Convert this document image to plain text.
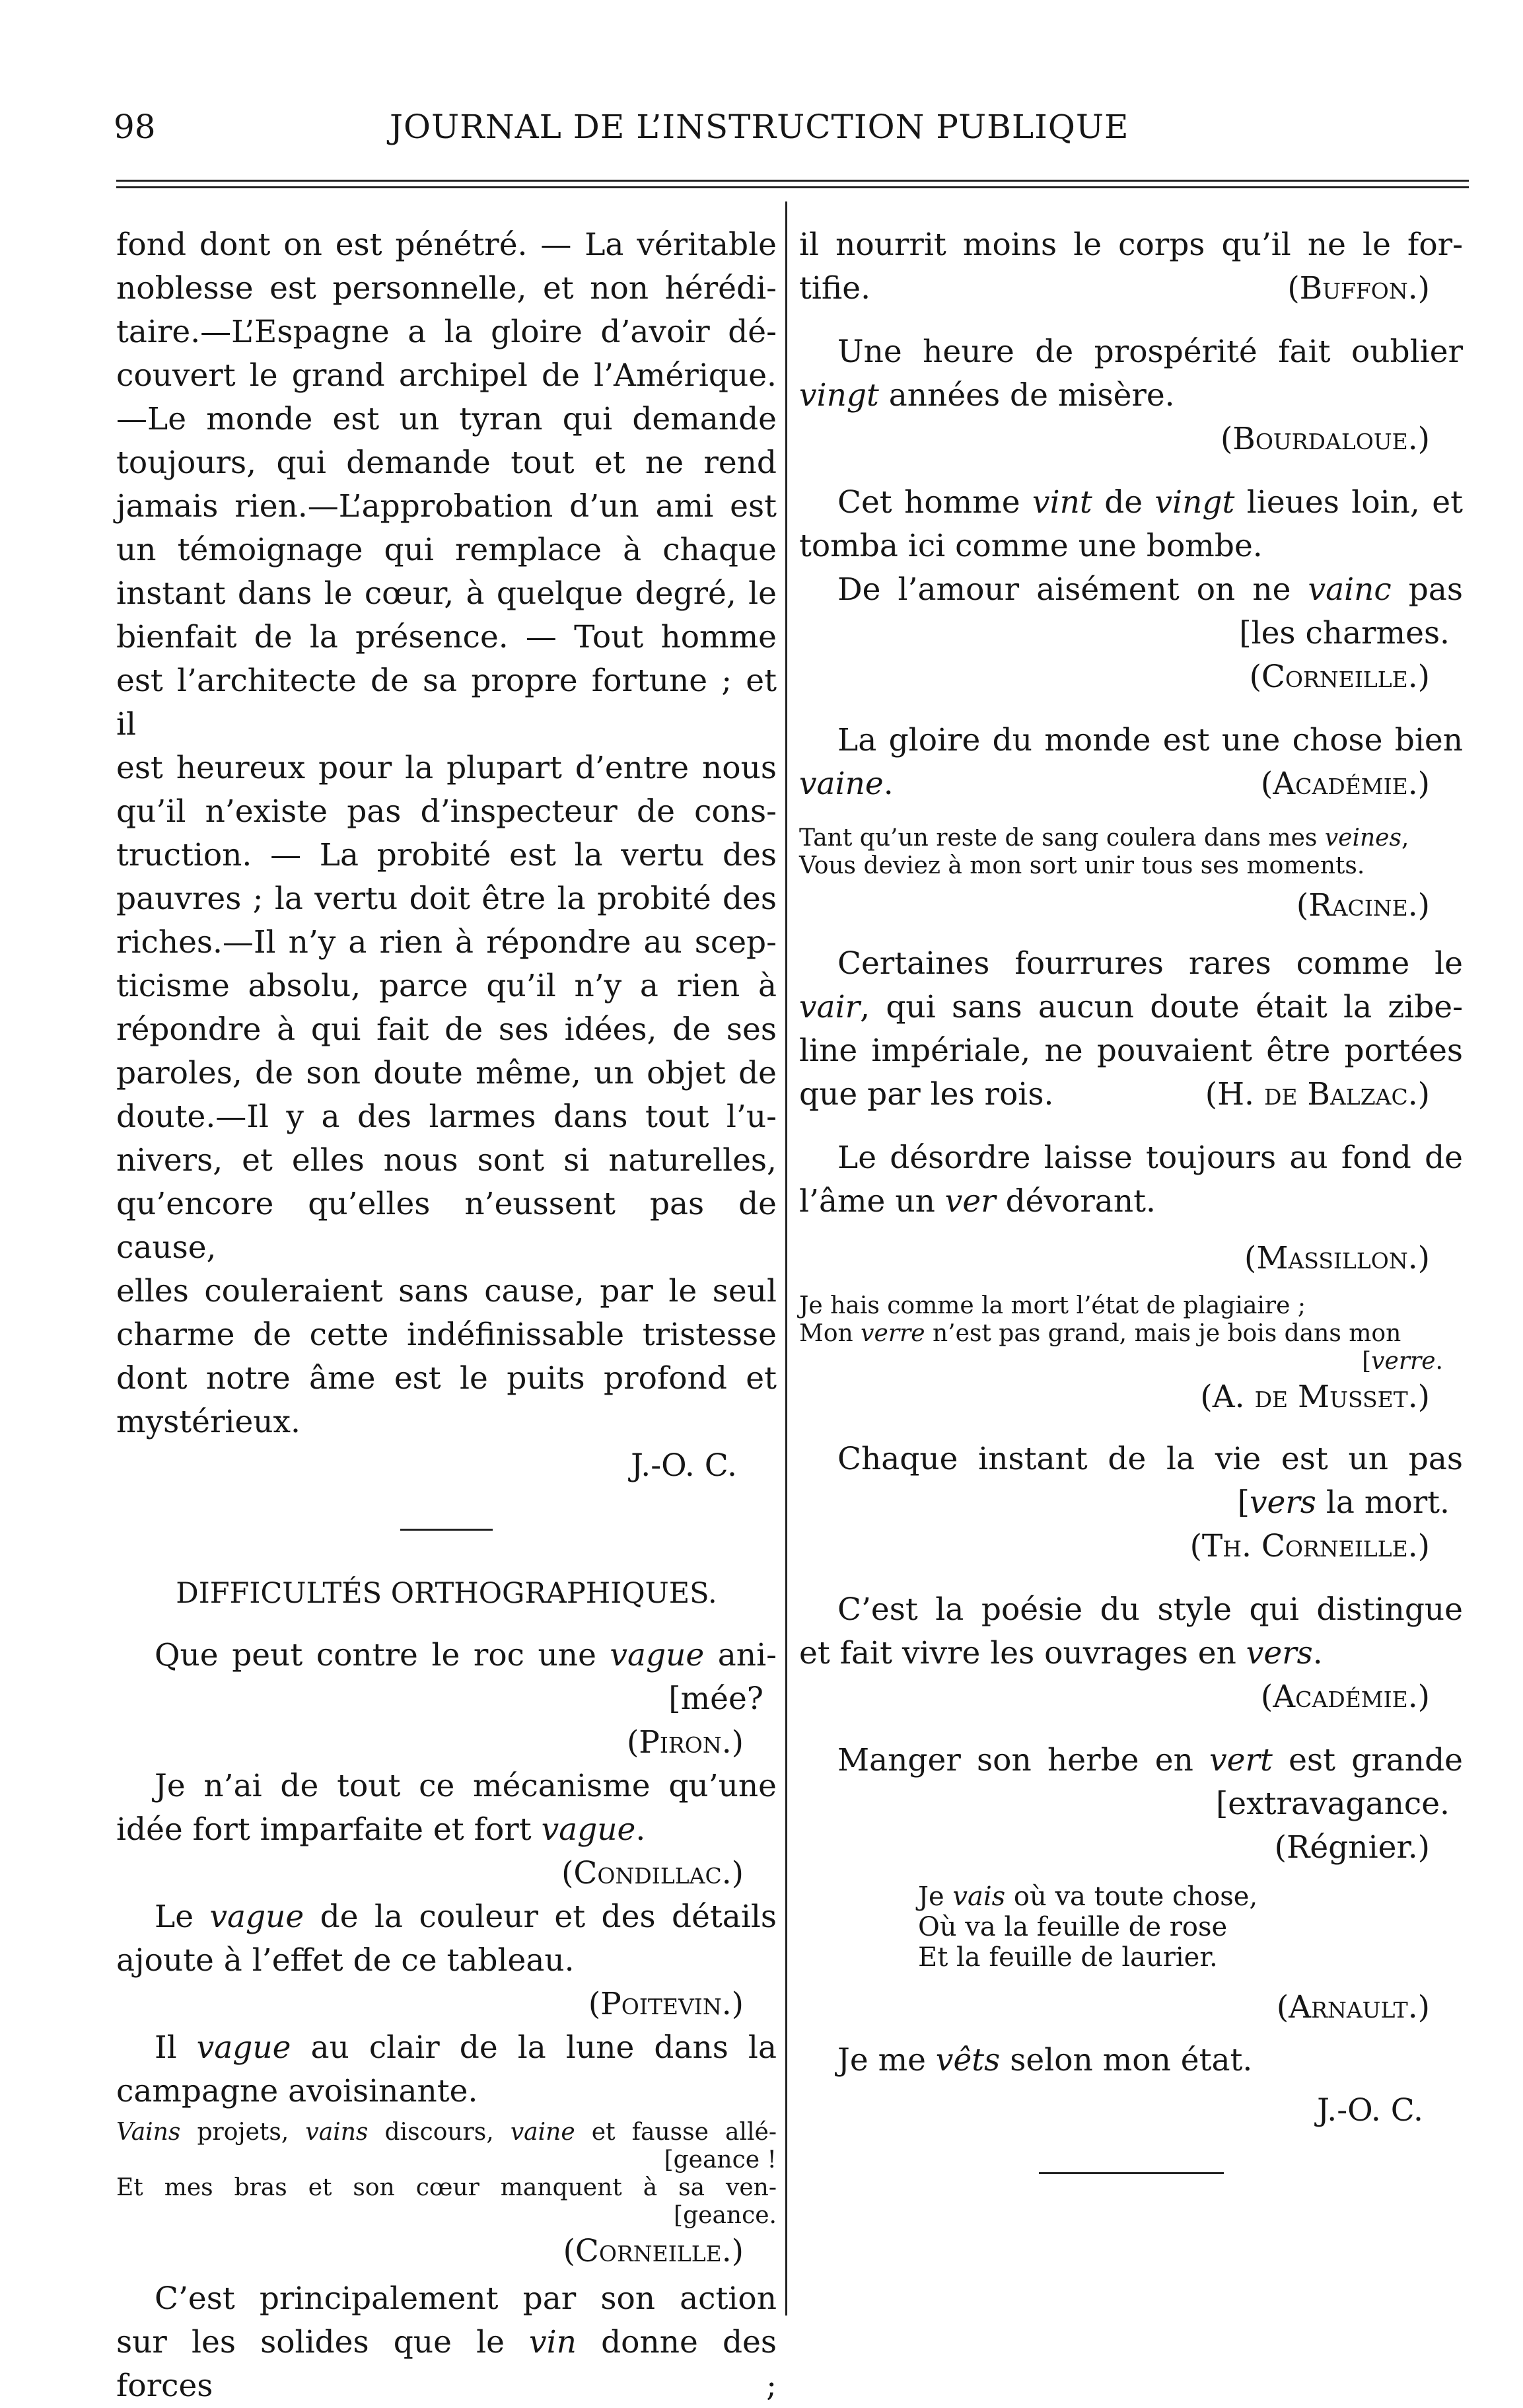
98	JOURNAL DE L’INSTRUCTION PUBLIQUE

fond dont on est pénétré. — La véritable

noblesse est personnelle, et non hérédi-

taire.—L’Espagne a la gloire d’avoir dé-

couvert le grand archipel de l’Amérique.

—Le monde est un tyran qui demande

toujours, qui demande tout et ne rend

jamais rien.—L’approbation d’un ami est

un témoignage qui remplace à chaque

instant dans le cœur, à quelque degré, le

bienfait de la présence. — Tout homme

est l’architecte de sa propre fortune ; et il

est heureux pour la plupart d’entre nous

qu’il n’existe pas d’inspecteur de cons-

truction. — La probité est la vertu des

pauvres ; la vertu doit être la probité des

riches.—Il n’y a rien à répondre au scep-

ticisme absolu, parce qu’il n’y a rien à

répondre à qui fait de ses idées, de ses

paroles, de son doute même, un objet de

doute.—Il y a des larmes dans tout l’u-

nivers, et elles nous sont si naturelles,

qu’encore qu’elles n’eussent pas de cause,

elles couleraient sans cause, par le seul

charme de cette indéfinissable tristesse

dont notre âme est le puits profond et

mystérieux.

J.-O. C.

DIFFICULTÉS ORTHOGRAPHIQUES.

Que peut contre le roc une vague ani-

[mée?

(Piron.)

Je n’ai de tout ce mécanisme qu’une

idée fort imparfaite et fort vague.

(Condillac.)

Le vague de la couleur et des détails

ajoute à l’effet de ce tableau.

(Poitevin.)

Il vague au clair de la lune dans la

campagne avoisinante.

Vains projets, vains discours, vaine et fausse allé-

[geance !

Et mes bras et son cœur manquent à sa ven-

[geance.

(Corneille.)

C’est principalement par son action

sur les solides que le vin donne des forces ;

il nourrit moins le corps qu’il ne le for-

tifie.	(Buffon.)

Une heure de prospérité fait oublier

vingt années de misère.

(Bourdaloue.)

Cet homme vint de vingt lieues loin, et

tomba ici comme une bombe.

De l’amour aisément on ne vainc pas

[les charmes.

(Corneille.)

La gloire du monde est une chose bien

vaine.	(Académie.)

Tant qu’un reste de sang coulera dans mes veines,

Vous deviez à mon sort unir tous ses moments.

(Racine.)

Certaines fourrures rares comme le

vair, qui sans aucun doute était la zibe-

line impériale, ne pouvaient être portées

que par les rois.	(H. de Balzac.)

Le désordre laisse toujours au fond de

l’âme un ver dévorant.

(Massillon.)

Je hais comme la mort l’état de plagiaire ;

Mon verre n’est pas grand, mais je bois dans mon

[verre.

(A. de Musset.)

Chaque instant de la vie est un pas

[vers la mort.

(Th. Corneille.)

C’est la poésie du style qui distingue

et fait vivre les ouvrages en vers.

(Académie.)

Manger son herbe en vert est grande

[extravagance.

(Régnier.)

Je vais où va toute chose,

Où va la feuille de rose

Et la feuille de laurier.

(Arnault.)

Je me vêts selon mon état.

J.-O. C.
